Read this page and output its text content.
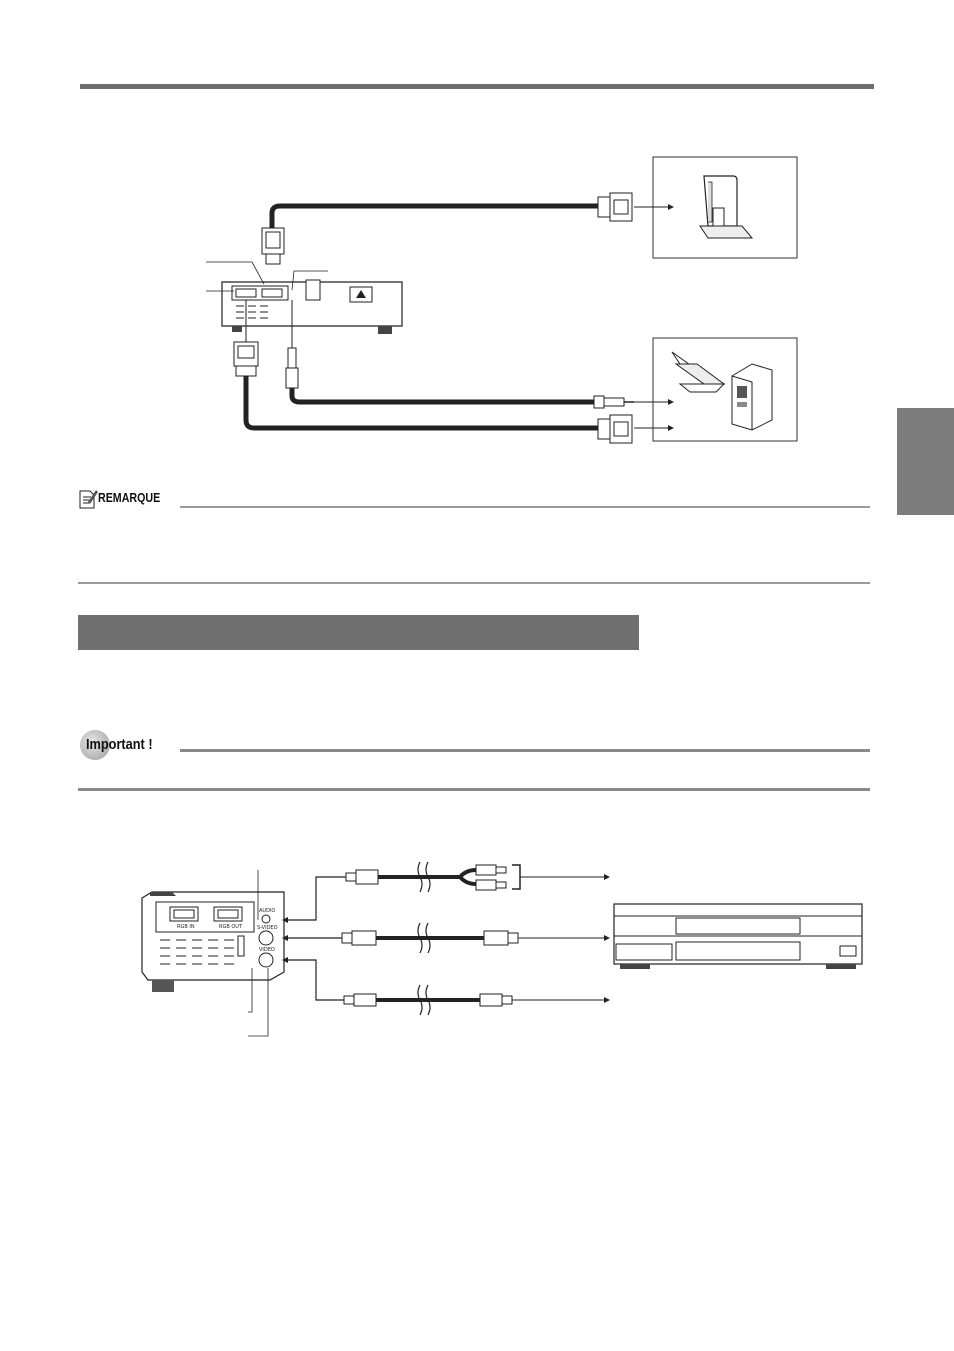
REMARQUE
Important !
RGB IN	RGB OUT
AUDIO
S-VIDEO
VIDEO
